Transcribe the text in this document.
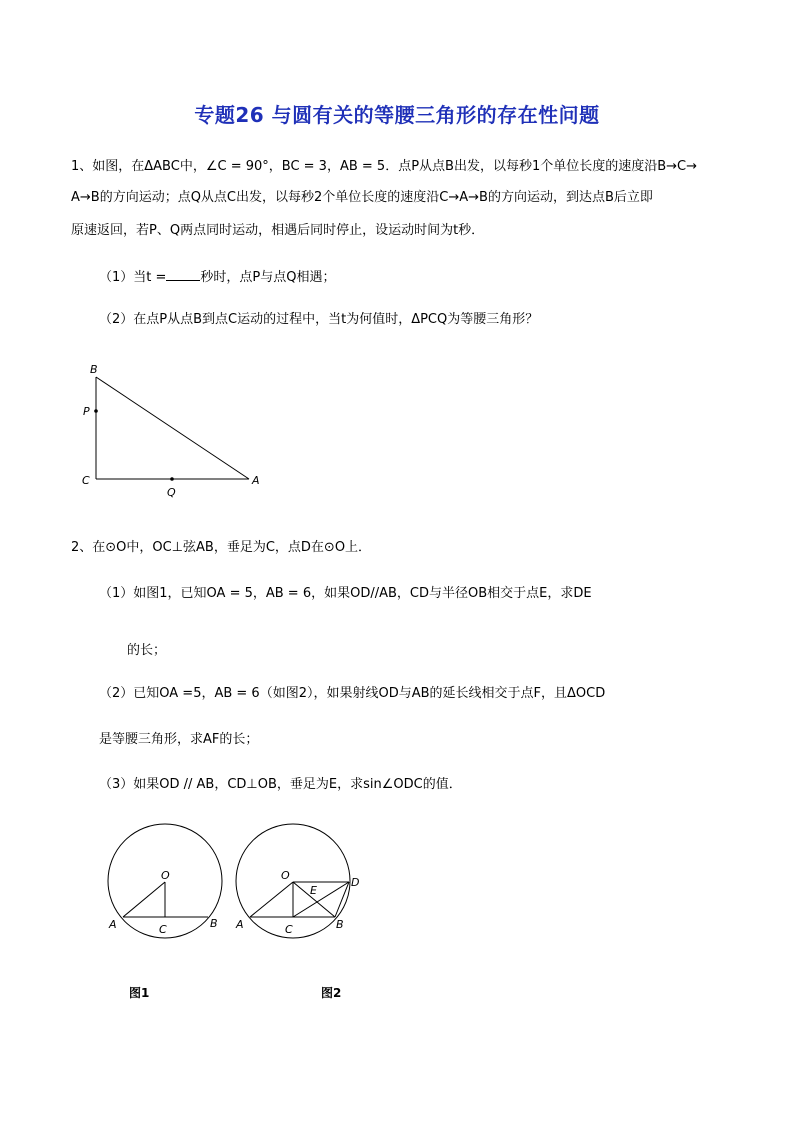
专题26 与圆有关的等腰三角形的存在性问题
1、如图，在ΔABC中，∠C = 90°，BC = 3，AB = 5．点P从点B出发，以每秒1个单位长度的速度沿B→C→
A→B的方向运动；点Q从点C出发，以每秒2个单位长度的速度沿C→A→B的方向运动，到达点B后立即
原速返回，若P、Q两点同时运动，相遇后同时停止，设运动时间为t秒．
（1）当t =	秒时，点P与点Q相遇；
（2）在点P从点B到点C运动的过程中，当t为何值时，ΔPCQ为等腰三角形？
2、在⊙O中，OC⊥弦AB，垂足为C，点D在⊙O上．
（1）如图1，已知OA = 5，AB = 6，如果OD//AB，CD与半径OB相交于点E，求DE
的长；
（2）已知OA =5，AB = 6（如图2），如果射线OD与AB的延长线相交于点F，且ΔOCD
是等腰三角形，求AF的长；
（3）如果OD // AB，CD⊥OB，垂足为E，求sin∠ODC的值．
B
P
C
Q
A
O
A	C	B
O
E
D
A	C	B
图1	图2
